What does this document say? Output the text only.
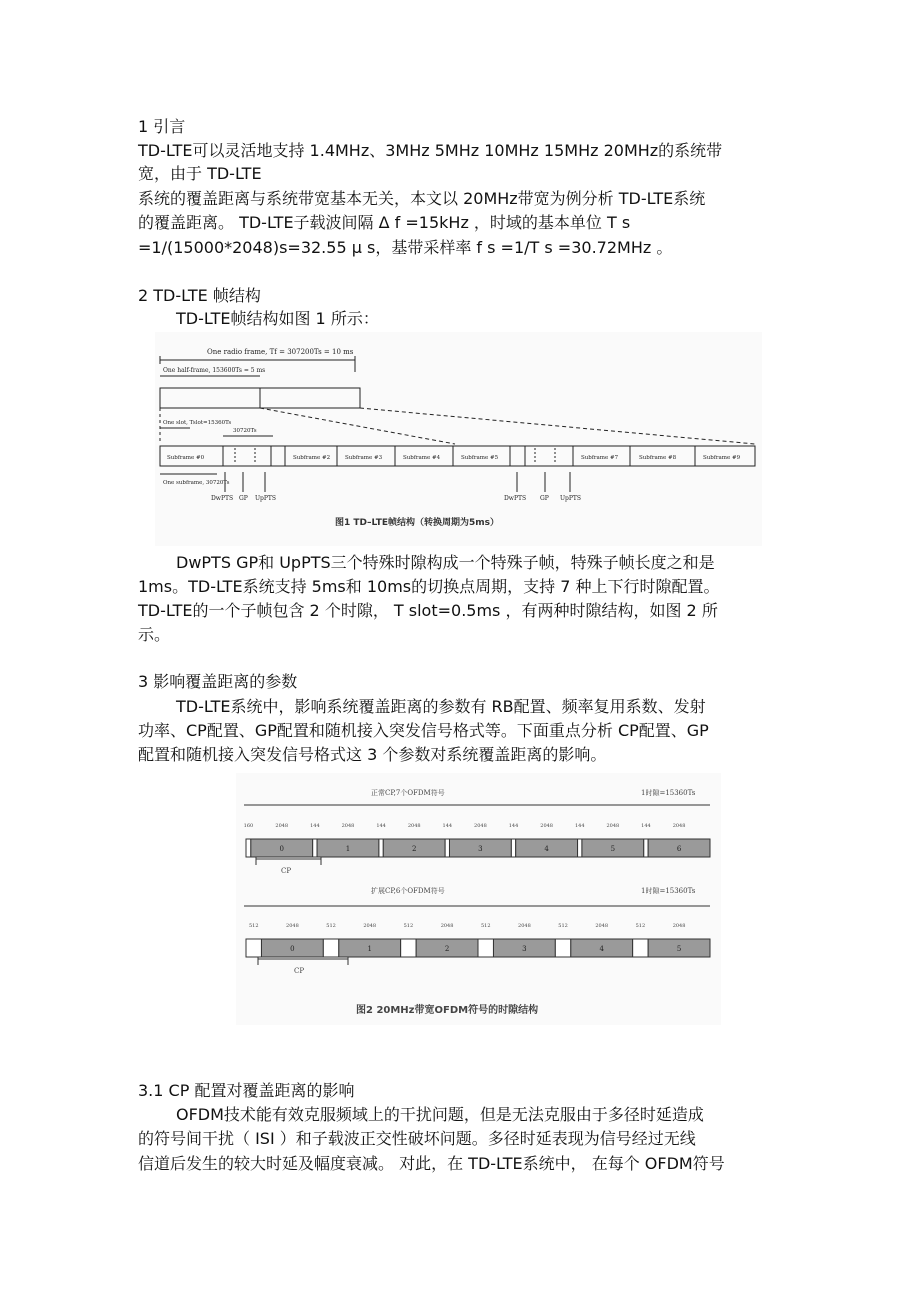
1 引言
TD-LTE可以灵活地支持 1.4MHz、3MHz 5MHz 10MHz 15MHz 20MHz的系统带
宽，由于 TD-LTE
系统的覆盖距离与系统带宽基本无关，本文以 20MHz带宽为例分析 TD-LTE系统
的覆盖距离。 TD-LTE子载波间隔 Δ f =15kHz ，时域的基本单位 T s
=1/(15000*2048)s=32.55 μ s，基带采样率 f s =1/T s =30.72MHz 。
2 TD-LTE 帧结构
TD-LTE帧结构如图 1 所示：
One radio frame, Tf = 307200Ts = 10 ms
One half-frame, 153600Ts = 5 ms
One slot, Tslot=15360Ts
30720Ts
Subframe #0	Subframe #2	Subframe #3	Subframe #4	Subframe #5	Subframe #7	Subframe #8	Subframe #9
One subframe, 30720Ts
DwPTS GP UpPTS	DwPTS GP UpPTS
图1 TD–LTE帧结构（转换周期为5ms）
DwPTS GP和 UpPTS三个特殊时隙构成一个特殊子帧，特殊子帧长度之和是
1ms。TD-LTE系统支持 5ms和 10ms的切换点周期，支持 7 种上下行时隙配置。
TD-LTE的一个子帧包含 2 个时隙， T slot=0.5ms ，有两种时隙结构，如图 2 所
示。
3 影响覆盖距离的参数
TD-LTE系统中，影响系统覆盖距离的参数有 RB配置、频率复用系数、发射
功率、CP配置、GP配置和随机接入突发信号格式等。下面重点分析 CP配置、GP
配置和随机接入突发信号格式这 3 个参数对系统覆盖距离的影响。
160	2048
0
144	2048
1
144	2048
2
144	2048
3
144	2048
4
144	2048
5
144	2048
6
512	2048
0
512	2048
1
512	2048
2
512	2048
3
512	2048
4
512	2048
5
正常CP,7个OFDM符号	1时隙=15360Ts
CP
扩展CP,6个OFDM符号	1时隙=15360Ts
CP
图2 20MHz带宽OFDM符号的时隙结构
3.1 CP 配置对覆盖距离的影响
OFDM技术能有效克服频域上的干扰问题，但是无法克服由于多径时延造成
的符号间干扰（ ISI ）和子载波正交性破坏问题。多径时延表现为信号经过无线
信道后发生的较大时延及幅度衰减。 对此，在 TD-LTE系统中， 在每个 OFDM符号
